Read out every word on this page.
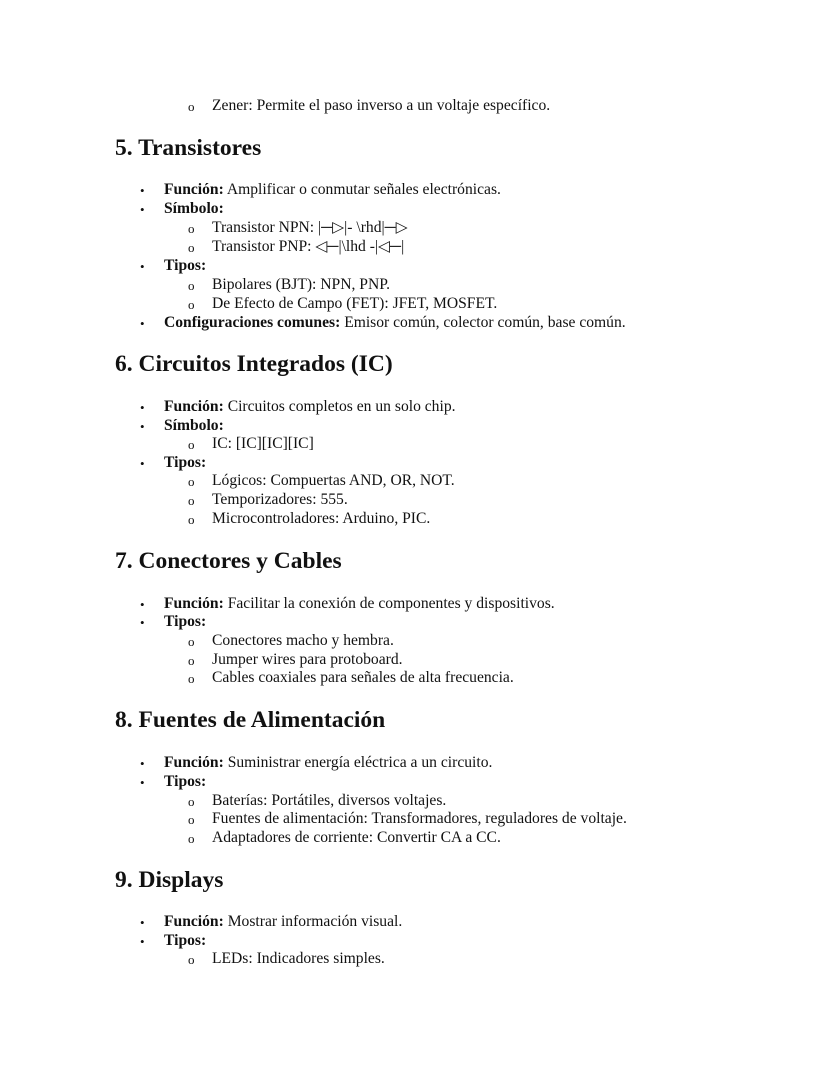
o Zener: Permite el paso inverso a un voltaje específico.
5. Transistores
• Función: Amplificar o conmutar señales electrónicas.
• Símbolo:
o Transistor NPN: |─▷|- \rhd|─▷
o Transistor PNP: ◁─|\lhd -|◁─|
• Tipos:
o Bipolares (BJT): NPN, PNP.
o De Efecto de Campo (FET): JFET, MOSFET.
• Configuraciones comunes: Emisor común, colector común, base común.
6. Circuitos Integrados (IC)
• Función: Circuitos completos en un solo chip.
• Símbolo:
o IC: [IC][IC][IC]
• Tipos:
o Lógicos: Compuertas AND, OR, NOT.
o Temporizadores: 555.
o Microcontroladores: Arduino, PIC.
7. Conectores y Cables
• Función: Facilitar la conexión de componentes y dispositivos.
• Tipos:
o Conectores macho y hembra.
o Jumper wires para protoboard.
o Cables coaxiales para señales de alta frecuencia.
8. Fuentes de Alimentación
• Función: Suministrar energía eléctrica a un circuito.
• Tipos:
o Baterías: Portátiles, diversos voltajes.
o Fuentes de alimentación: Transformadores, reguladores de voltaje.
o Adaptadores de corriente: Convertir CA a CC.
9. Displays
• Función: Mostrar información visual.
• Tipos:
o LEDs: Indicadores simples.
